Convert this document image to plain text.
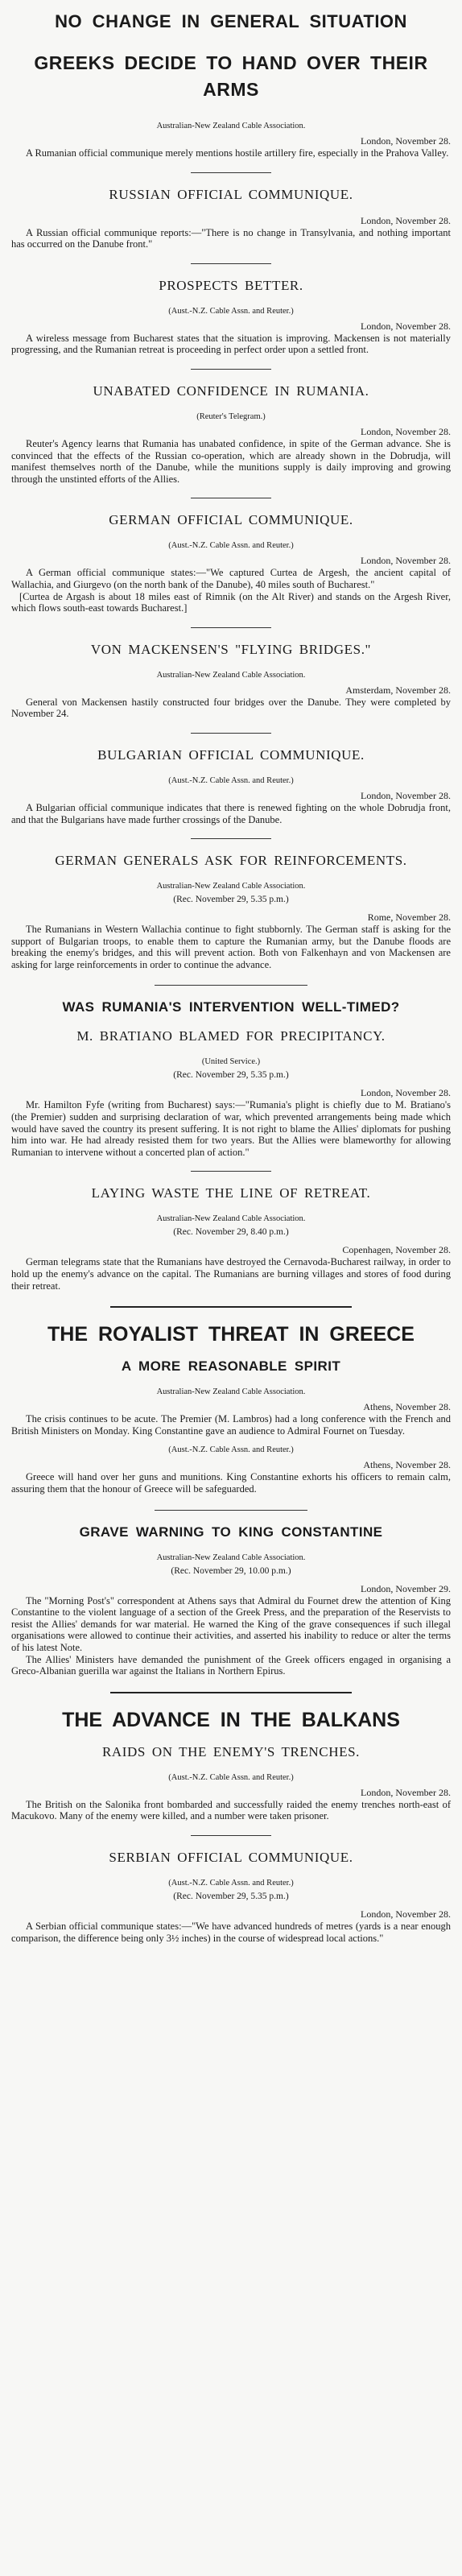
NO CHANGE IN GENERAL SITUATION
GREEKS DECIDE TO HAND OVER THEIR ARMS
Australian-New Zealand Cable Association.
London, November 28.

A Rumanian official communique merely mentions hostile artillery fire, especially in the Prahova Valley.

RUSSIAN OFFICIAL COMMUNIQUE.
London, November 28.

A Russian official communique reports:—"There is no change in Transylvania, and nothing important has occurred on the Danube front."

PROSPECTS BETTER.
(Aust.-N.Z. Cable Assn. and Reuter.)
London, November 28.

A wireless message from Bucharest states that the situation is improving. Mackensen is not materially progressing, and the Rumanian retreat is proceeding in perfect order upon a settled front.

UNABATED CONFIDENCE IN RUMANIA.
(Reuter's Telegram.)
London, November 28.

Reuter's Agency learns that Rumania has unabated confidence, in spite of the German advance. She is convinced that the effects of the Russian co-operation, which are already shown in the Dobrudja, will manifest themselves north of the Danube, while the munitions supply is daily improving and growing through the unstinted efforts of the Allies.

GERMAN OFFICIAL COMMUNIQUE.
(Aust.-N.Z. Cable Assn. and Reuter.)
London, November 28.

A German official communique states:—"We captured Curtea de Argesh, the ancient capital of Wallachia, and Giurgevo (on the north bank of the Danube), 40 miles south of Bucharest."

[Curtea de Argash is about 18 miles east of Rimnik (on the Alt River) and stands on the Argesh River, which flows south-east towards Bucharest.]

VON MACKENSEN'S "FLYING BRIDGES."
Australian-New Zealand Cable Association.
Amsterdam, November 28.

General von Mackensen hastily constructed four bridges over the Danube. They were completed by November 24.

BULGARIAN OFFICIAL COMMUNIQUE.
(Aust.-N.Z. Cable Assn. and Reuter.)
London, November 28.

A Bulgarian official communique indicates that there is renewed fighting on the whole Dobrudja front, and that the Bulgarians have made further crossings of the Danube.

GERMAN GENERALS ASK FOR REINFORCEMENTS.
Australian-New Zealand Cable Association.
(Rec. November 29, 5.35 p.m.)
Rome, November 28.

The Rumanians in Western Wallachia continue to fight stubbornly. The German staff is asking for the support of Bulgarian troops, to enable them to capture the Rumanian army, but the Danube floods are breaking the enemy's bridges, and this will prevent action. Both von Falkenhayn and von Mackensen are asking for large reinforcements in order to continue the advance.

WAS RUMANIA'S INTERVENTION WELL-TIMED?
M. BRATIANO BLAMED FOR PRECIPITANCY.
(United Service.)
(Rec. November 29, 5.35 p.m.)
London, November 28.

Mr. Hamilton Fyfe (writing from Bucharest) says:—"Rumania's plight is chiefly due to M. Bratiano's (the Premier) sudden and surprising declaration of war, which prevented arrangements being made which would have saved the country its present suffering. It is not right to blame the Allies' diplomats for pushing him into war. He had already resisted them for two years. But the Allies were blameworthy for allowing Rumanian to intervene without a concerted plan of action."

LAYING WASTE THE LINE OF RETREAT.
Australian-New Zealand Cable Association.
(Rec. November 29, 8.40 p.m.)
Copenhagen, November 28.

German telegrams state that the Rumanians have destroyed the Cernavoda-Bucharest railway, in order to hold up the enemy's advance on the capital. The Rumanians are burning villages and stores of food during their retreat.

THE ROYALIST THREAT IN GREECE
A MORE REASONABLE SPIRIT
Australian-New Zealand Cable Association.
Athens, November 28.

The crisis continues to be acute. The Premier (M. Lambros) had a long conference with the French and British Ministers on Monday. King Constantine gave an audience to Admiral Fournet on Tuesday.

(Aust.-N.Z. Cable Assn. and Reuter.)
Athens, November 28.

Greece will hand over her guns and munitions. King Constantine exhorts his officers to remain calm, assuring them that the honour of Greece will be safeguarded.

GRAVE WARNING TO KING CONSTANTINE
Australian-New Zealand Cable Association.
(Rec. November 29, 10.00 p.m.)
London, November 29.

The "Morning Post's" correspondent at Athens says that Admiral du Fournet drew the attention of King Constantine to the violent language of a section of the Greek Press, and the preparation of the Reservists to resist the Allies' demands for war material. He warned the King of the grave consequences if such illegal organisations were allowed to continue their activities, and asserted his inability to reduce or alter the terms of his latest Note.

The Allies' Ministers have demanded the punishment of the Greek officers engaged in organising a Greco-Albanian guerilla war against the Italians in Northern Epirus.

THE ADVANCE IN THE BALKANS
RAIDS ON THE ENEMY'S TRENCHES.
(Aust.-N.Z. Cable Assn. and Reuter.)
London, November 28.

The British on the Salonika front bombarded and successfully raided the enemy trenches north-east of Macukovo. Many of the enemy were killed, and a number were taken prisoner.

SERBIAN OFFICIAL COMMUNIQUE.
(Aust.-N.Z. Cable Assn. and Reuter.)
(Rec. November 29, 5.35 p.m.)
London, November 28.

A Serbian official communique states:—"We have advanced hundreds of metres (yards is a near enough comparison, the difference being only 3½ inches) in the course of widespread local actions."
